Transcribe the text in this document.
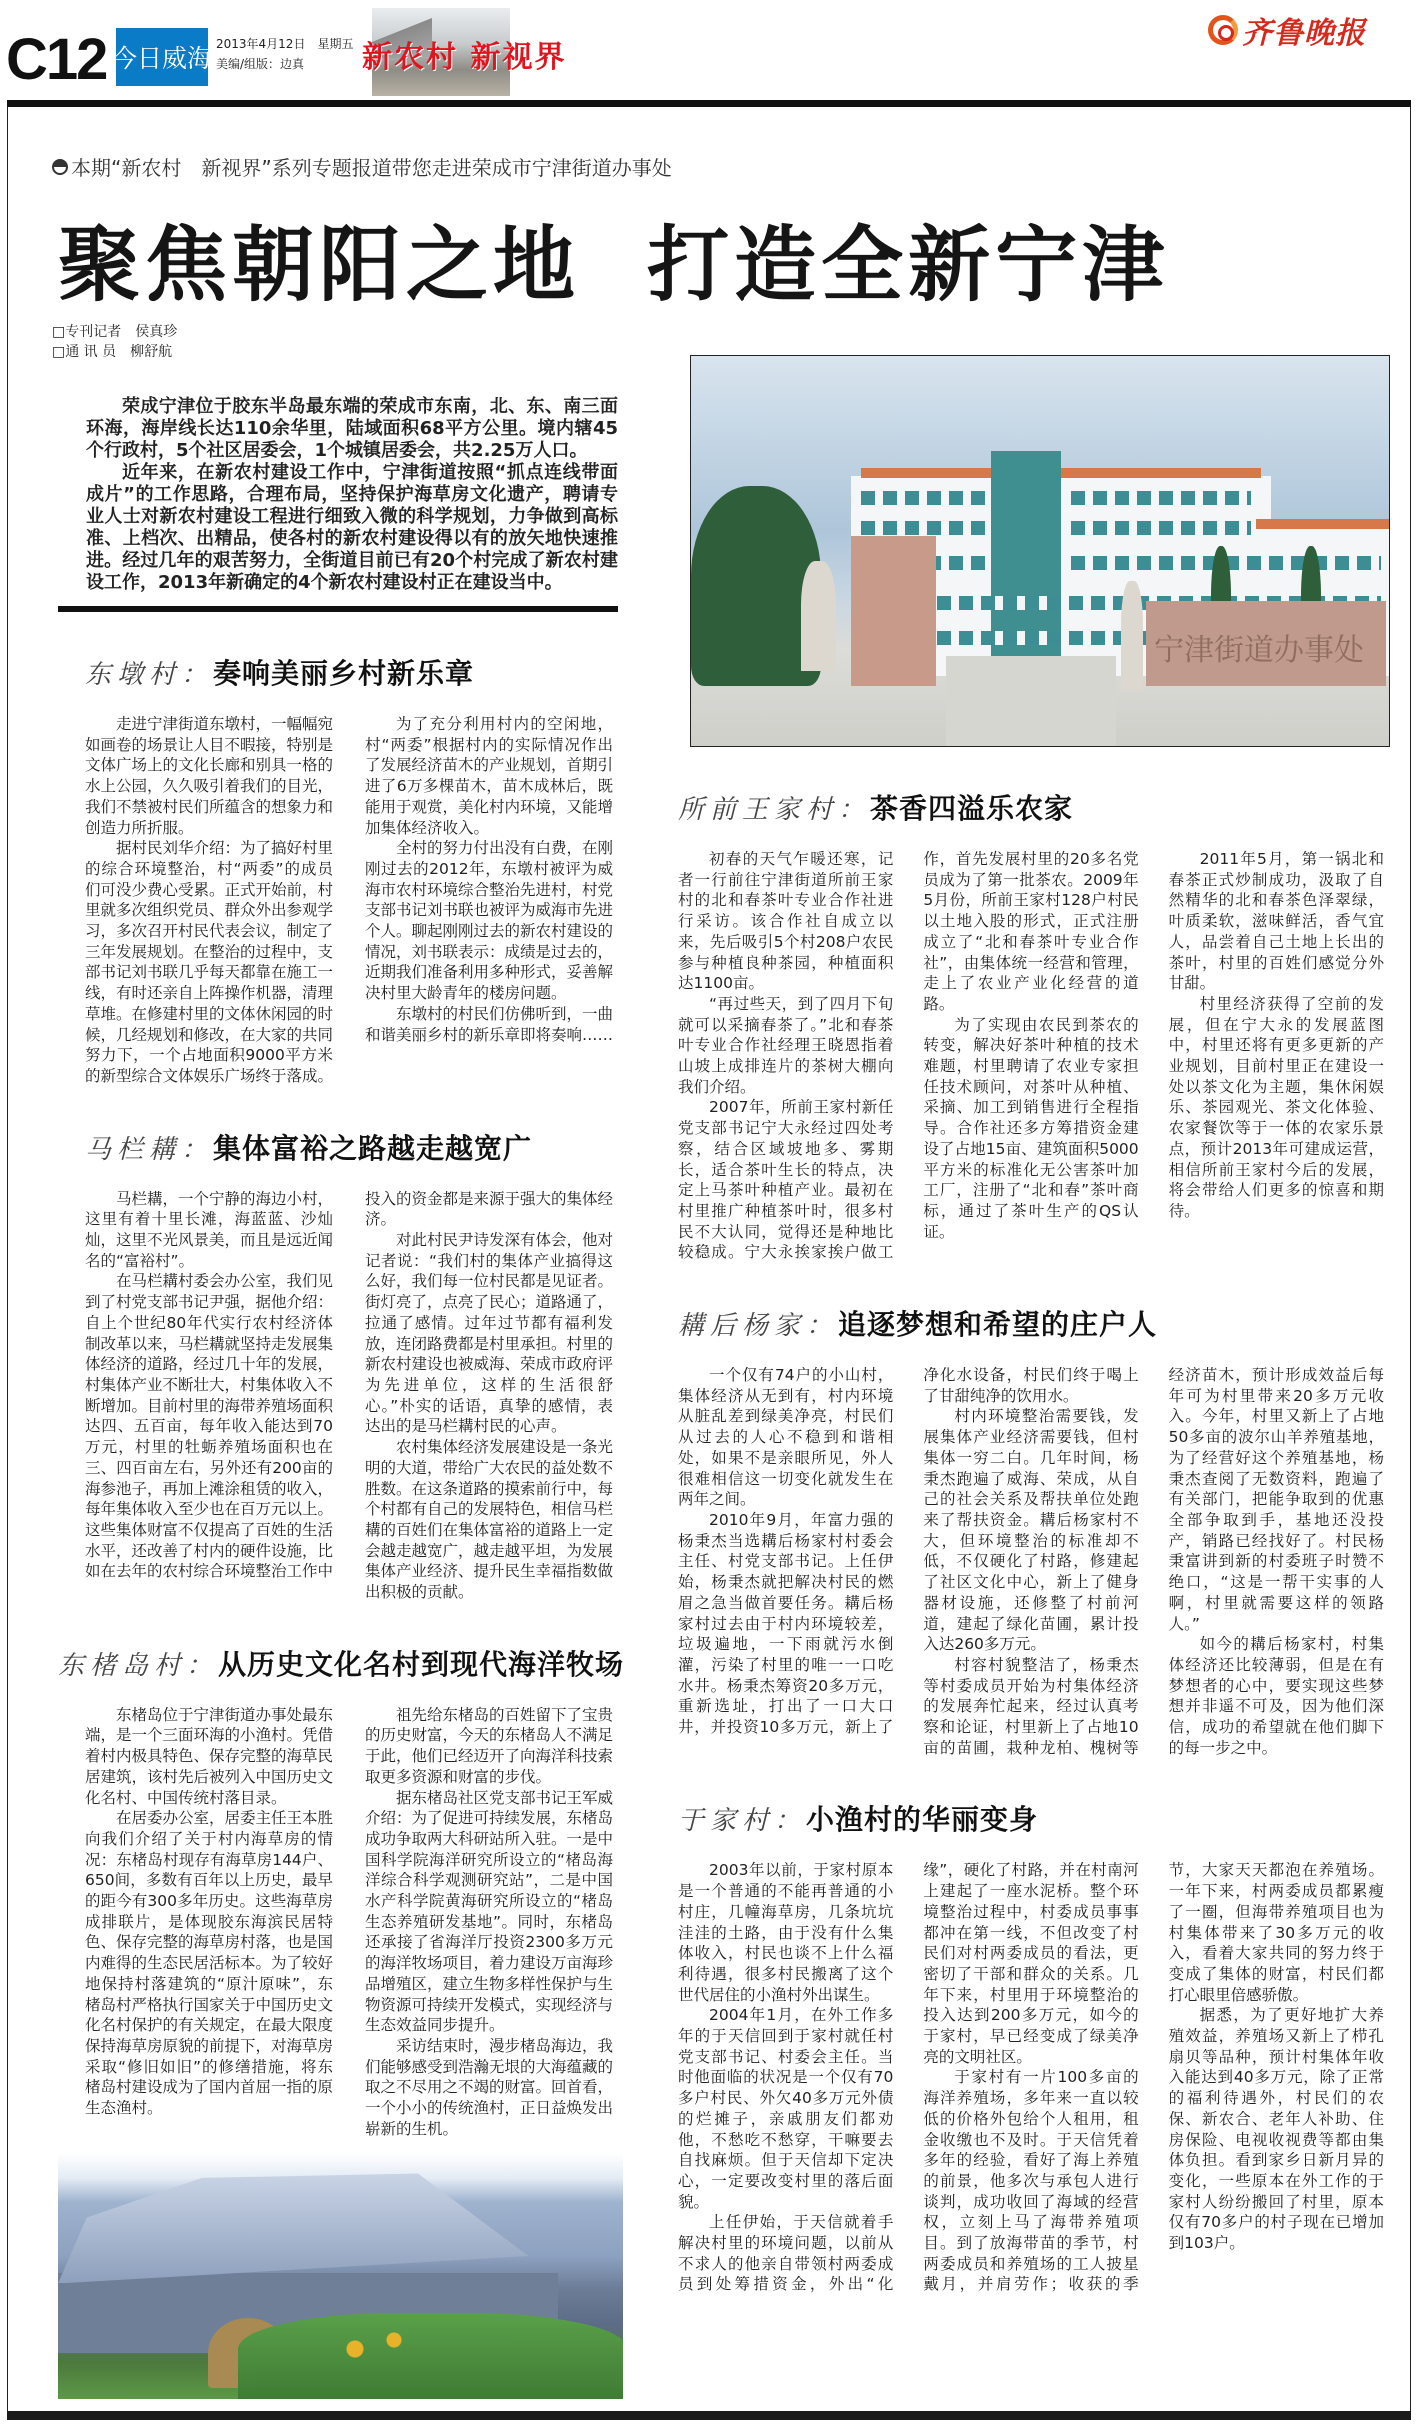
C12 今日威海 2013年4月12日　星期五
美编/组版：边真	新农村 新视界
齐鲁晚报
本期“新农村　新视界”系列专题报道带您走进荣成市宁津街道办事处
聚焦朝阳之地  打造全新宁津
□专刊记者　侯真珍
□通 讯 员　柳舒航

荣成宁津位于胶东半岛最东端的荣成市东南，北、东、南三面环海，海岸线长达110余华里，陆域面积68平方公里。境内辖45个行政村，5个社区居委会，1个城镇居委会，共2.25万人口。

近年来，在新农村建设工作中，宁津街道按照“抓点连线带面成片”的工作思路，合理布局，坚持保护海草房文化遗产，聘请专业人士对新农村建设工程进行细致入微的科学规划，力争做到高标准、上档次、出精品，使各村的新农村建设得以有的放矢地快速推进。经过几年的艰苦努力，全街道目前已有20个村完成了新农村建设工作，2013年新确定的4个新农村建设村正在建设当中。

东墩村： 奏响美丽乡村新乐章

走进宁津街道东墩村，一幅幅宛如画卷的场景让人目不暇接，特别是文体广场上的文化长廊和别具一格的水上公园，久久吸引着我们的目光，我们不禁被村民们所蕴含的想象力和创造力所折服。

据村民刘华介绍：为了搞好村里的综合环境整治，村“两委”的成员们可没少费心受累。正式开始前，村里就多次组织党员、群众外出参观学习，多次召开村民代表会议，制定了三年发展规划。在整治的过程中，支部书记刘书联几乎每天都靠在施工一线，有时还亲自上阵操作机器，清理草堆。在修建村里的文体休闲园的时候，几经规划和修改，在大家的共同努力下，一个占地面积9000平方米的新型综合文体娱乐广场终于落成。

为了充分利用村内的空闲地，村“两委”根据村内的实际情况作出了发展经济苗木的产业规划，首期引进了6万多棵苗木，苗木成林后，既能用于观赏，美化村内环境，又能增加集体经济收入。

全村的努力付出没有白费，在刚刚过去的2012年，东墩村被评为威海市农村环境综合整治先进村，村党支部书记刘书联也被评为威海市先进个人。聊起刚刚过去的新农村建设的情况，刘书联表示：成绩是过去的，近期我们准备利用多种形式，妥善解决村里大龄青年的楼房问题。

东墩村的村民们仿佛听到，一曲和谐美丽乡村的新乐章即将奏响……

马栏耩： 集体富裕之路越走越宽广

马栏耩，一个宁静的海边小村，这里有着十里长滩，海蓝蓝、沙灿灿，这里不光风景美，而且是远近闻名的“富裕村”。

在马栏耩村委会办公室，我们见到了村党支部书记尹强，据他介绍：自上个世纪80年代实行农村经济体制改革以来，马栏耩就坚持走发展集体经济的道路，经过几十年的发展，村集体产业不断壮大，村集体收入不断增加。目前村里的海带养殖场面积达四、五百亩，每年收入能达到70万元，村里的牡蛎养殖场面积也在三、四百亩左右，另外还有200亩的海参池子，再加上滩涂租赁的收入，每年集体收入至少也在百万元以上。这些集体财富不仅提高了百姓的生活水平，还改善了村内的硬件设施，比如在去年的农村综合环境整治工作中投入的资金都是来源于强大的集体经济。

对此村民尹诗发深有体会，他对记者说：“我们村的集体产业搞得这么好，我们每一位村民都是见证者。街灯亮了，点亮了民心；道路通了，拉通了感情。过年过节都有福利发放，连闭路费都是村里承担。村里的新农村建设也被威海、荣成市政府评为先进单位，这样的生活很舒心。”朴实的话语，真挚的感情，表达出的是马栏耩村民的心声。

农村集体经济发展建设是一条光明的大道，带给广大农民的益处数不胜数。在这条道路的摸索前行中，每个村都有自己的发展特色，相信马栏耩的百姓们在集体富裕的道路上一定会越走越宽广，越走越平坦，为发展集体产业经济、提升民生幸福指数做出积极的贡献。

东楮岛村： 从历史文化名村到现代海洋牧场

东楮岛位于宁津街道办事处最东端，是一个三面环海的小渔村。凭借着村内极具特色、保存完整的海草民居建筑，该村先后被列入中国历史文化名村、中国传统村落目录。

在居委办公室，居委主任王本胜向我们介绍了关于村内海草房的情况：东楮岛村现存有海草房144户、650间，多数有百年以上历史，最早的距今有300多年历史。这些海草房成排联片，是体现胶东海滨民居特色、保存完整的海草房村落，也是国内难得的生态民居活标本。为了较好地保持村落建筑的“原汁原味”，东楮岛村严格执行国家关于中国历史文化名村保护的有关规定，在最大限度保持海草房原貌的前提下，对海草房采取“修旧如旧”的修缮措施，将东楮岛村建设成为了国内首屈一指的原生态渔村。

祖先给东楮岛的百姓留下了宝贵的历史财富，今天的东楮岛人不满足于此，他们已经迈开了向海洋科技索取更多资源和财富的步伐。

据东楮岛社区党支部书记王军威介绍：为了促进可持续发展，东楮岛成功争取两大科研站所入驻。一是中国科学院海洋研究所设立的“楮岛海洋综合科学观测研究站”，二是中国水产科学院黄海研究所设立的“楮岛生态养殖研发基地”。同时，东楮岛还承接了省海洋厅投资2300多万元的海洋牧场项目，着力建设万亩海珍品增殖区，建立生物多样性保护与生物资源可持续开发模式，实现经济与生态效益同步提升。

采访结束时，漫步楮岛海边，我们能够感受到浩瀚无垠的大海蕴藏的取之不尽用之不竭的财富。回首看，一个小小的传统渔村，正日益焕发出崭新的生机。

宁津街道办事处
所前王家村： 茶香四溢乐农家

初春的天气乍暖还寒，记者一行前往宁津街道所前王家村的北和春茶叶专业合作社进行采访。该合作社自成立以来，先后吸引5个村208户农民参与种植良种茶园，种植面积达1100亩。

“再过些天，到了四月下旬就可以采摘春茶了。”北和春茶叶专业合作社经理王晓恩指着山坡上成排连片的茶树大棚向我们介绍。

2007年，所前王家村新任党支部书记宁大永经过四处考察，结合区域坡地多、雾期长，适合茶叶生长的特点，决定上马茶叶种植产业。最初在村里推广种植茶叶时，很多村民不大认同，觉得还是种地比较稳成。宁大永挨家挨户做工作，首先发展村里的20多名党员成为了第一批茶农。2009年5月份，所前王家村128户村民以土地入股的形式，正式注册成立了“北和春茶叶专业合作社”，由集体统一经营和管理，走上了农业产业化经营的道路。

为了实现由农民到茶农的转变，解决好茶叶种植的技术难题，村里聘请了农业专家担任技术顾问，对茶叶从种植、采摘、加工到销售进行全程指导。合作社还多方筹措资金建设了占地15亩、建筑面积5000平方米的标准化无公害茶叶加工厂，注册了“北和春”茶叶商标，通过了茶叶生产的QS认证。

2011年5月，第一锅北和春茶正式炒制成功，汲取了自然精华的北和春茶色泽翠绿，叶质柔软，滋味鲜活，香气宜人，品尝着自己土地上长出的茶叶，村里的百姓们感觉分外甘甜。

村里经济获得了空前的发展，但在宁大永的发展蓝图中，村里还将有更多更新的产业规划，目前村里正在建设一处以茶文化为主题，集休闲娱乐、茶园观光、茶文化体验、农家餐饮等于一体的农家乐景点，预计2013年可建成运营，相信所前王家村今后的发展，将会带给人们更多的惊喜和期待。

耩后杨家： 追逐梦想和希望的庄户人

一个仅有74户的小山村，集体经济从无到有，村内环境从脏乱差到绿美净亮，村民们从过去的人心不稳到和谐相处，如果不是亲眼所见，外人很难相信这一切变化就发生在两年之间。

2010年9月，年富力强的杨秉杰当选耩后杨家村村委会主任、村党支部书记。上任伊始，杨秉杰就把解决村民的燃眉之急当做首要任务。耩后杨家村过去由于村内环境较差，垃圾遍地，一下雨就污水倒灌，污染了村里的唯一一口吃水井。杨秉杰筹资20多万元，重新选址，打出了一口大口井，并投资10多万元，新上了净化水设备，村民们终于喝上了甘甜纯净的饮用水。

村内环境整治需要钱，发展集体产业经济需要钱，但村集体一穷二白。几年时间，杨秉杰跑遍了威海、荣成，从自己的社会关系及帮扶单位处跑来了帮扶资金。耩后杨家村不大，但环境整治的标准却不低，不仅硬化了村路，修建起了社区文化中心，新上了健身器材设施，还修整了村前河道，建起了绿化苗圃，累计投入达260多万元。

村容村貌整洁了，杨秉杰等村委成员开始为村集体经济的发展奔忙起来，经过认真考察和论证，村里新上了占地10亩的苗圃，栽种龙柏、槐树等经济苗木，预计形成效益后每年可为村里带来20多万元收入。今年，村里又新上了占地50多亩的波尔山羊养殖基地，为了经营好这个养殖基地，杨秉杰查阅了无数资料，跑遍了有关部门，把能争取到的优惠全部争取到手，基地还没投产，销路已经找好了。村民杨秉富讲到新的村委班子时赞不绝口，“这是一帮干实事的人啊，村里就需要这样的领路人。”

如今的耩后杨家村，村集体经济还比较薄弱，但是在有梦想者的心中，要实现这些梦想并非遥不可及，因为他们深信，成功的希望就在他们脚下的每一步之中。

于家村： 小渔村的华丽变身

2003年以前，于家村原本是一个普通的不能再普通的小村庄，几幢海草房，几条坑坑洼洼的土路，由于没有什么集体收入，村民也谈不上什么福利待遇，很多村民搬离了这个世代居住的小渔村外出谋生。

2004年1月，在外工作多年的于天信回到于家村就任村党支部书记、村委会主任。当时他面临的状况是一个仅有70多户村民、外欠40多万元外债的烂摊子，亲戚朋友们都劝他，不愁吃不愁穿，干嘛要去自找麻烦。但于天信却下定决心，一定要改变村里的落后面貌。

上任伊始，于天信就着手解决村里的环境问题，以前从不求人的他亲自带领村两委成员到处筹措资金，外出“化缘”，硬化了村路，并在村南河上建起了一座水泥桥。整个环境整治过程中，村委成员事事都冲在第一线，不但改变了村民们对村两委成员的看法，更密切了干部和群众的关系。几年下来，村里用于环境整治的投入达到200多万元，如今的于家村，早已经变成了绿美净亮的文明社区。

于家村有一片100多亩的海洋养殖场，多年来一直以较低的价格外包给个人租用，租金收缴也不及时。于天信凭着多年的经验，看好了海上养殖的前景，他多次与承包人进行谈判，成功收回了海域的经营权，立刻上马了海带养殖项目。到了放海带苗的季节，村两委成员和养殖场的工人披星戴月，并肩劳作；收获的季节，大家天天都泡在养殖场。一年下来，村两委成员都累瘦了一圈，但海带养殖项目也为村集体带来了30多万元的收入，看着大家共同的努力终于变成了集体的财富，村民们都打心眼里倍感骄傲。

据悉，为了更好地扩大养殖效益，养殖场又新上了栉孔扇贝等品种，预计村集体年收入能达到40多万元，除了正常的福利待遇外，村民们的农保、新农合、老年人补助、住房保险、电视收视费等都由集体负担。看到家乡日新月异的变化，一些原本在外工作的于家村人纷纷搬回了村里，原本仅有70多户的村子现在已增加到103户。
